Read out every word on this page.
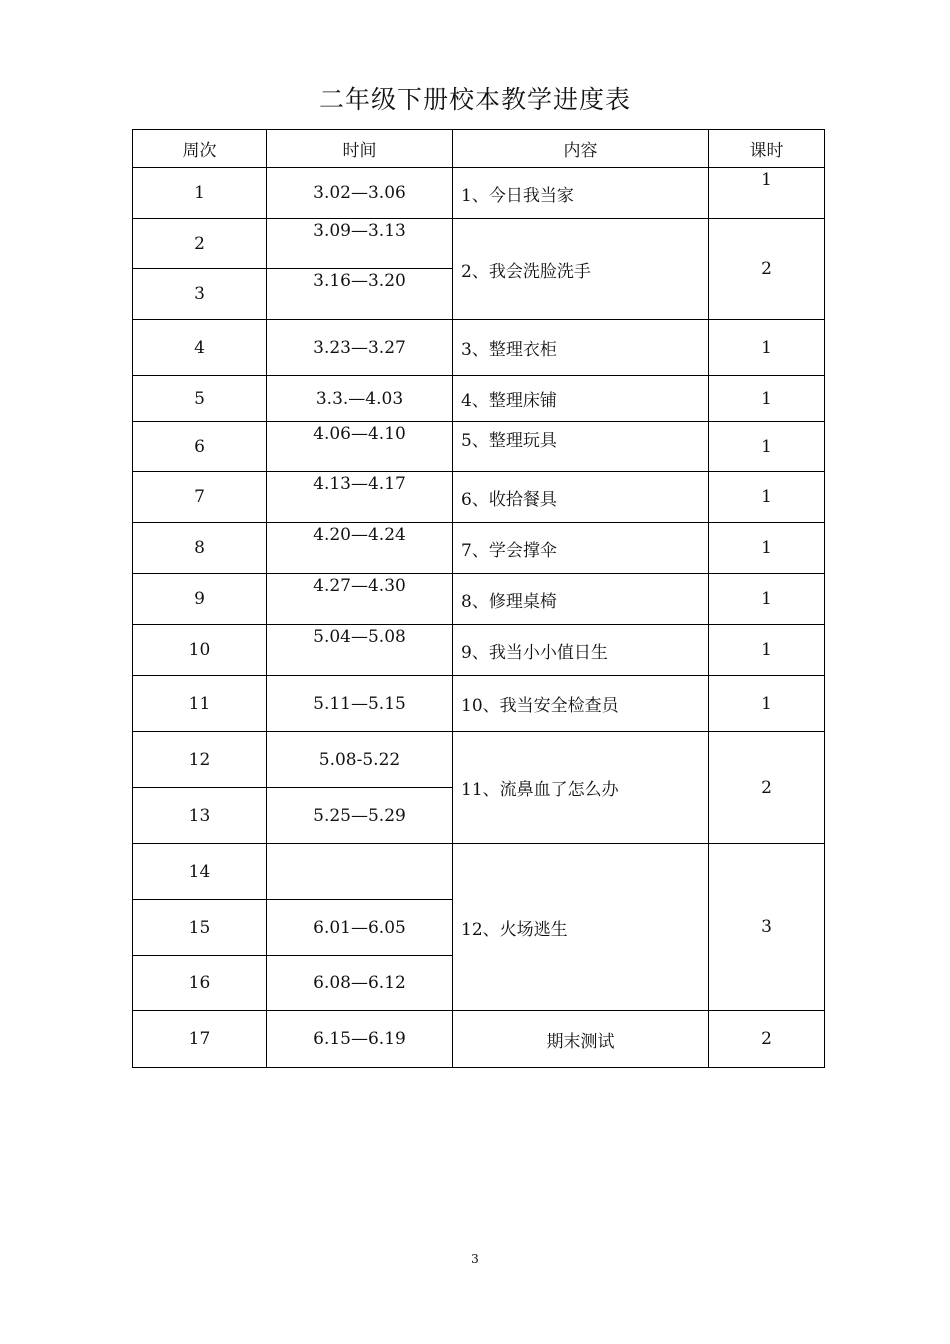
二年级下册校本教学进度表
周次	时间	内容	课时
1	3.02—3.06	1、今日我当家	1
2	3.09—3.13	2、我会洗脸洗手	2
3	3.16—3.20		
4	3.23—3.27	3、整理衣柜	1
5	3.3.—4.03	4、整理床铺	1
6	4.06—4.10	5、整理玩具	1
7	4.13—4.17	6、收拾餐具	1
8	4.20—4.24	7、学会撑伞	1
9	4.27—4.30	8、修理桌椅	1
10	5.04—5.08	9、我当小小值日生	1
11	5.11—5.15	10、我当安全检查员	1
12	5.08-5.22	11、流鼻血了怎么办	2
13	5.25—5.29		
14		12、火场逃生	3
15	6.01—6.05		
16	6.08—6.12		
17	6.15—6.19	期末测试	2
3
